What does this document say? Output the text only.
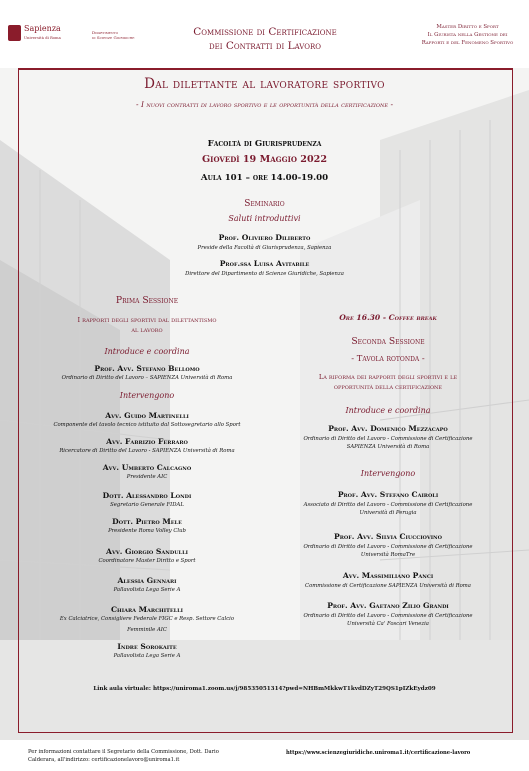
Sapienza
Università di Roma
Dipartimento
di Scienze Giuridiche	Commissione di Certificazione
dei Contratti di Lavoro
Master Diritto e Sport
Il Giurista nella Gestione dei
Rapporti e del Fenomeno Sportivo
Dal dilettante al lavoratore sportivo
- I nuovi contratti di lavoro sportivo e le opportunità della certificazione -
Facoltà di Giurisprudenza
Giovedì 19 Maggio 2022
Aula 101 – ore 14.00-19.00
Seminario
Saluti introduttivi
Prof. Oliviero Diliberto
Preside della Facoltà di Giurisprudenza, Sapienza
Prof.ssa Luisa Avitabile
Direttore del Dipartimento di Scienze Giuridiche, Sapienza
Prima Sessione
I rapporti degli sportivi dal dilettantismo
al lavoro
Introduce e coordina
Prof. Avv. Stefano Bellomo
Ordinario di Diritto del Lavoro – SAPIENZA Università di Roma
Intervengono
Avv. Guido Martinelli
Componente del tavolo tecnico istituito dal Sottosegretario allo Sport
Avv. Fabrizio Ferraro
Ricercatore di Diritto del Lavoro - SAPIENZA Università di Roma
Avv. Umberto Calcagno
Presidente AIC
Dott. Alessandro Londi
Segretario Generale FIDAL
Dott. Pietro Mele
Presidente Roma Volley Club
Avv. Giorgio Sandulli
Coordinatore Master Diritto e Sport
Alessia Gennari
Pallavolista Lega Serie A
Chiara Marchitelli
Ex Calciatrice, Consigliere Federale FIGC e Resp. Settore Calcio
Femminile AIC
Indre Sorokaite
Pallavolista Lega Serie A
Ore 16.30 - Coffee break
Seconda Sessione
- Tavola rotonda -
La riforma dei rapporti degli sportivi e le
opportunità della certificazione
Introduce e coordina
Prof. Avv. Domenico Mezzacapo
Ordinario di Diritto del Lavoro - Commissione di Certificazione
SAPIENZA Università di Roma
Intervengono
Prof. Avv. Stefano Cairoli
Associato di Diritto del Lavoro - Commissione di Certificazione
Università di Perugia
Prof. Avv. Silvia Ciucciovino
Ordinario di Diritto del Lavoro - Commissione di Certificazione
Università RomaTre
Avv. Massimiliano Panci
Commissione di Certificazione SAPIENZA Università di Roma
Prof. Avv. Gaetano Zilio Grandi
Ordinario di Diritto del Lavoro - Commissione di Certificazione
Università Ca' Foscari Venezia
Link aula virtuale: https://uniroma1.zoom.us/j/98535051314?pwd=NHBmMkkwT1kvdDZyT29QS1pIZkEydz09
Per informazioni contattare il Segretario della Commissione, Dott. Dario
Calderara, all'indirizzo: certificazionelavoro@uniroma1.it
https://www.scienzegiuridiche.uniroma1.it/certificazione-lavoro
